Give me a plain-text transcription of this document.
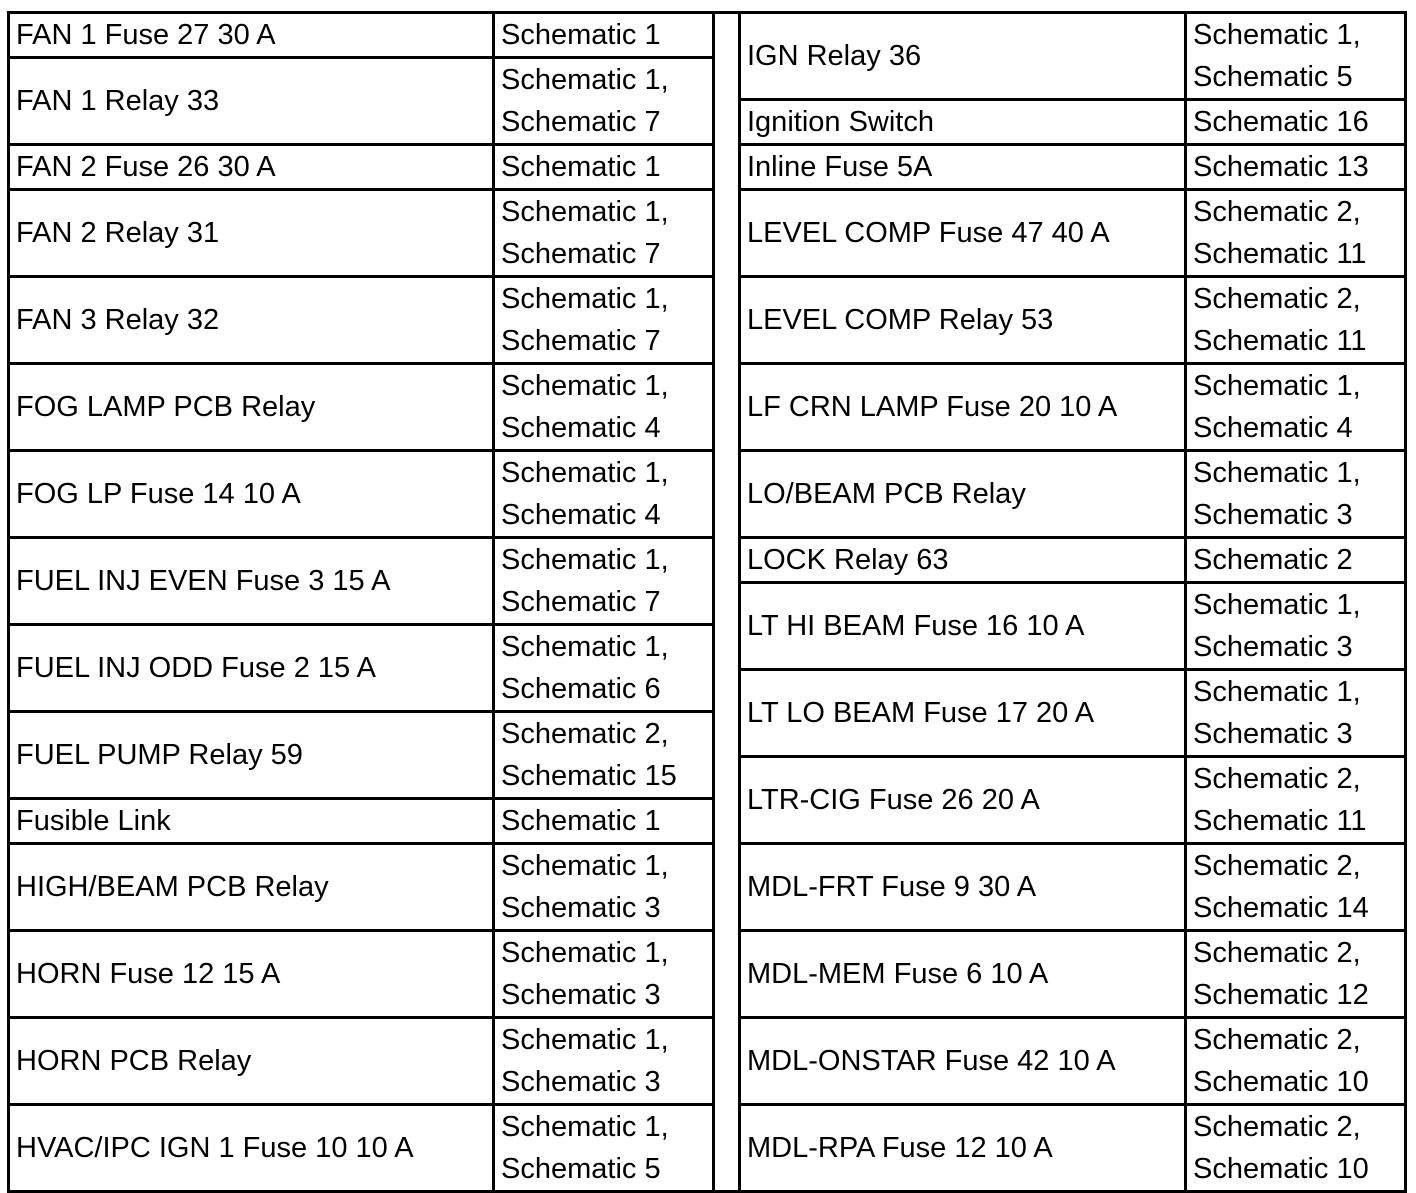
FAN 1 Fuse 27 30 A	Schematic 1		IGN Relay 36	Schematic 1,
Schematic 5

FAN 1 Relay 33	Schematic 1,
Schematic 7			

			Ignition Switch	Schematic 16

FAN 2 Fuse 26 30 A	Schematic 1		Inline Fuse 5A	Schematic 13

FAN 2 Relay 31	Schematic 1,
Schematic 7		LEVEL COMP Fuse 47 40 A	Schematic 2,
Schematic 11

FAN 3 Relay 32	Schematic 1,
Schematic 7		LEVEL COMP Relay 53	Schematic 2,
Schematic 11

FOG LAMP PCB Relay	Schematic 1,
Schematic 4		LF CRN LAMP Fuse 20 10 A	Schematic 1,
Schematic 4

FOG LP Fuse 14 10 A	Schematic 1,
Schematic 4		LO/BEAM PCB Relay	Schematic 1,
Schematic 3

FUEL INJ EVEN Fuse 3 15 A	Schematic 1,
Schematic 7		LOCK Relay 63	Schematic 2

			LT HI BEAM Fuse 16 10 A	Schematic 1,
Schematic 3

FUEL INJ ODD Fuse 2 15 A	Schematic 1,
Schematic 6			

			LT LO BEAM Fuse 17 20 A	Schematic 1,
Schematic 3

FUEL PUMP Relay 59	Schematic 2,
Schematic 15			

			LTR-CIG Fuse 26 20 A	Schematic 2,
Schematic 11

Fusible Link	Schematic 1			

HIGH/BEAM PCB Relay	Schematic 1,
Schematic 3		MDL-FRT Fuse 9 30 A	Schematic 2,
Schematic 14

HORN Fuse 12 15 A	Schematic 1,
Schematic 3		MDL-MEM Fuse 6 10 A	Schematic 2,
Schematic 12

HORN PCB Relay	Schematic 1,
Schematic 3		MDL-ONSTAR Fuse 42 10 A	Schematic 2,
Schematic 10

HVAC/IPC IGN 1 Fuse 10 10 A	Schematic 1,
Schematic 5		MDL-RPA Fuse 12 10 A	Schematic 2,
Schematic 10
